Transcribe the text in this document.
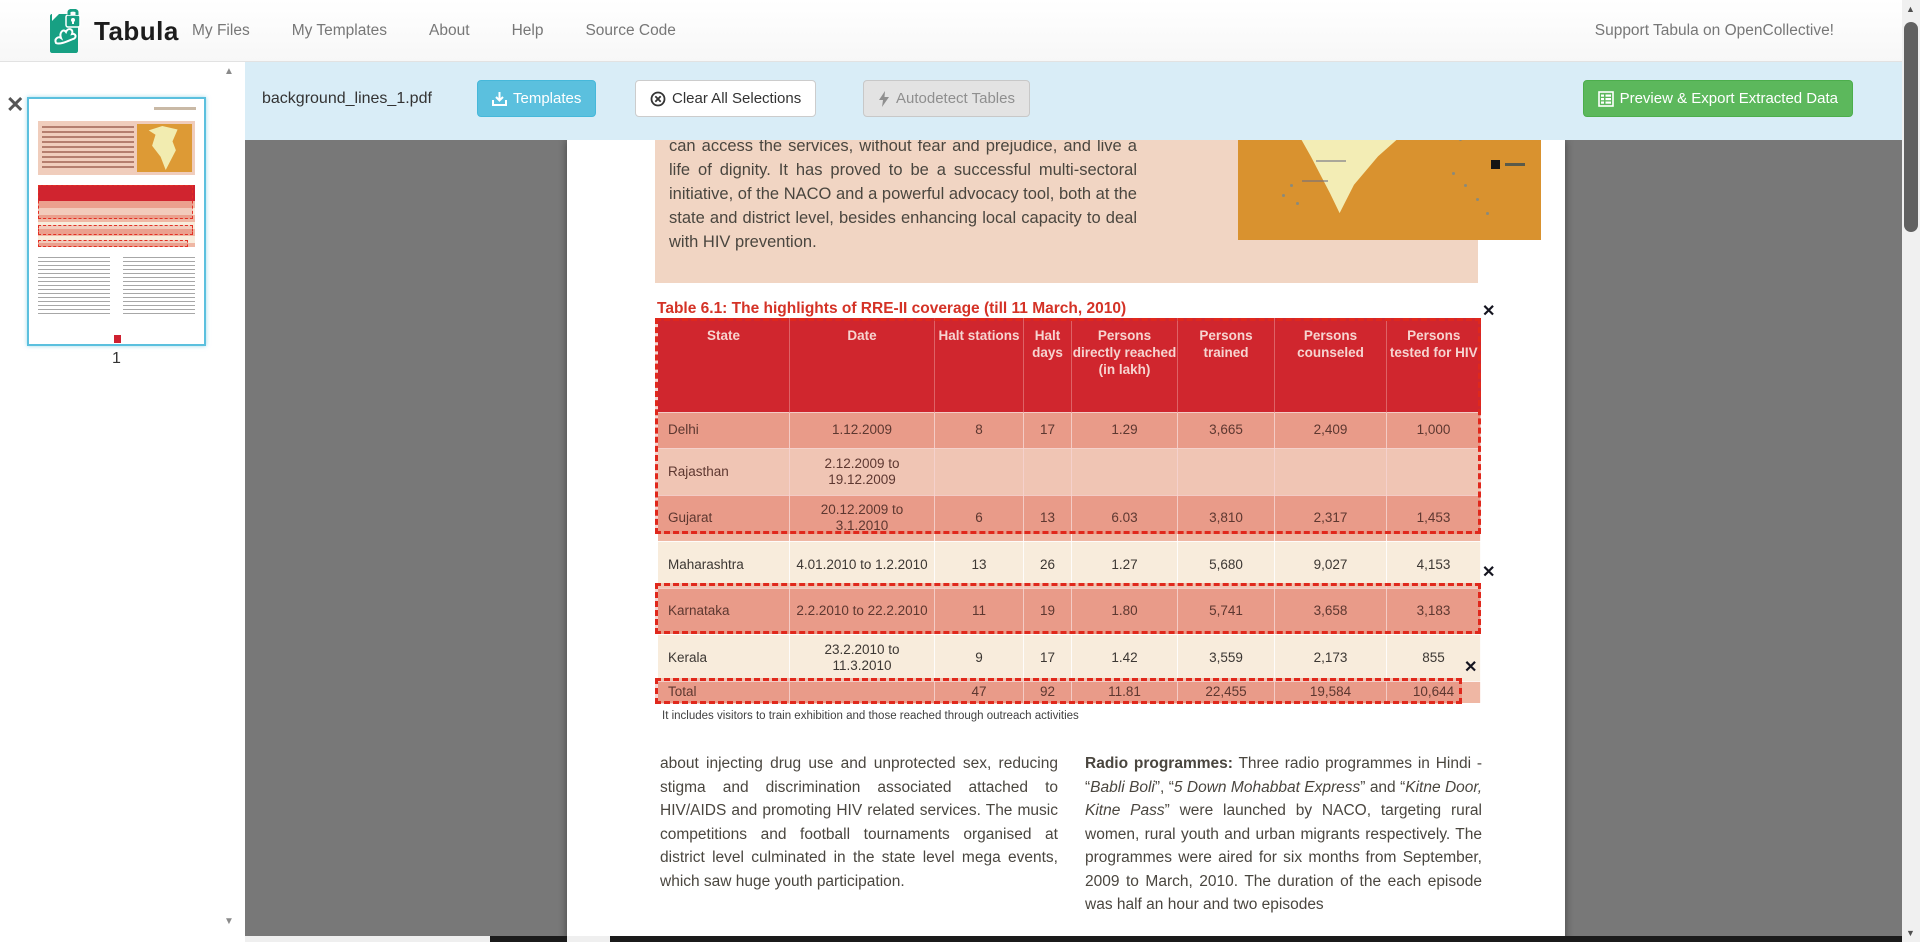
Tabula My Files	My Templates	About	Help	Source Code	Support Tabula on OpenCollective!
✕
1
▲
▼
background_lines_1.pdf	Templates	Clear All Selections	Autodetect Tables	Preview & Export Extracted Data
can access the services, without fear and prejudice, and live a life of dignity. It has proved to be a successful multi-sectoral initiative, of the NACO and a powerful advocacy tool, both at the state and district level, besides enhancing local capacity to deal with HIV prevention.
Table 6.1: The highlights of RRE-II coverage (till 11 March, 2010)
State	Date	Halt stations	Halt days	Persons directly reached (in lakh)	Persons trained	Persons counseled	Persons tested for HIV
Delhi	1.12.2009	8	17	1.29	3,665	2,409	1,000
Rajasthan	2.12.2009 to 19.12.2009						
Gujarat	20.12.2009 to 3.1.2010	6	13	6.03	3,810	2,317	1,453
Maharashtra	4.01.2010 to 1.2.2010	13	26	1.27	5,680	9,027	4,153
Karnataka	2.2.2010 to 22.2.2010	11	19	1.80	5,741	3,658	3,183
Kerala	23.2.2010 to 11.3.2010	9	17	1.42	3,559	2,173	855
Total		47	92	11.81	22,455	19,584	10,644
It includes visitors to train exhibition and those reached through outreach activities
about injecting drug use and unprotected sex, reducing stigma and discrimination associated attached to HIV/AIDS and promoting HIV related services. The music competitions and football tournaments organised at district level culminated in the state level mega events, which saw huge youth participation.
Radio programmes: Three radio programmes in Hindi - “Babli Boli”, “5 Down Mohabbat Express” and “Kitne Door, Kitne Pass” were launched by NACO, targeting rural women, rural youth and urban migrants respectively. The programmes were aired for six months from September, 2009 to March, 2010. The duration of the each episode was half an hour and two episodes
✕
✕
✕
▲
▼
